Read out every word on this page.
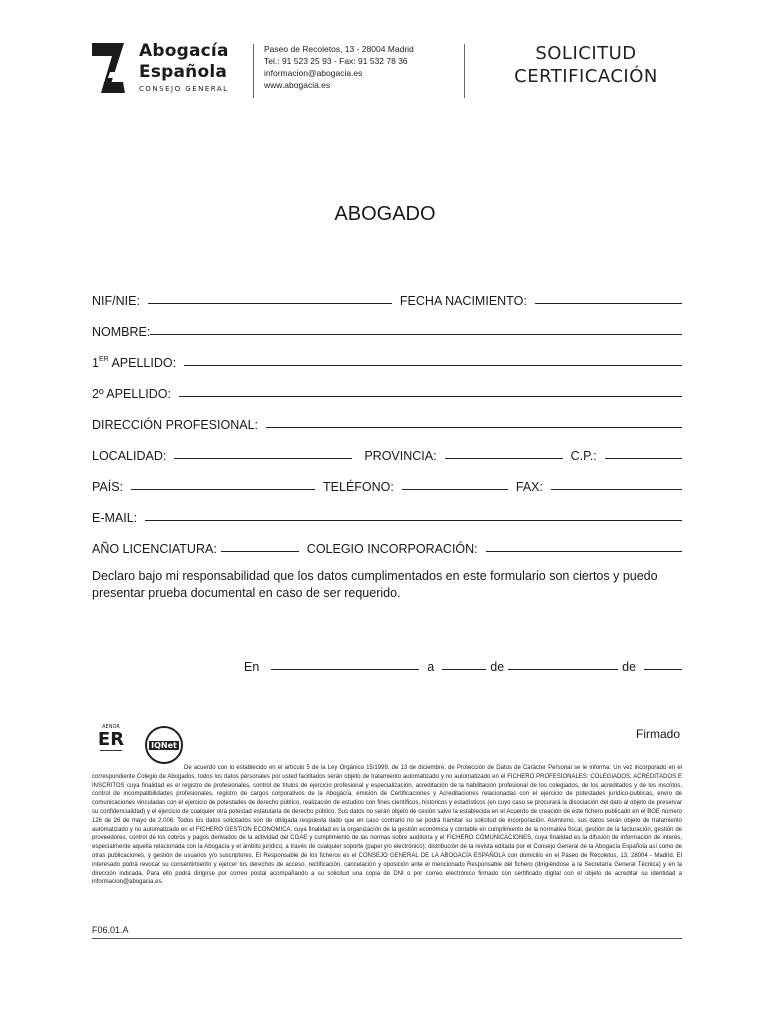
Abogacía
Española
CONSEJO GENERAL
Paseo de Recoletos, 13 - 28004 Madrid
Tel.: 91 523 25 93 - Fax: 91 532 78 36
informacion@abogacia.es
www.abogacia.es
SOLICITUD
CERTIFICACIÓN
ABOGADO
NIF/NIE:	FECHA NACIMIENTO:
NOMBRE:
1ER APELLIDO:
2º APELLIDO:
DIRECCIÓN PROFESIONAL:
LOCALIDAD:	PROVINCIA:	C.P.:
PAÍS:	TELÉFONO:	FAX:
E-MAIL:
AÑO LICENCIATURA:	COLEGIO INCORPORACIÓN:
Declaro bajo mi responsabilidad que los datos cumplimentados en este formulario son ciertos y puedo presentar prueba documental en caso de ser requerido.
En	a	de	de
Firmado
AENOR
ER	IQNet
De acuerdo con lo establecido en el artículo 5 de la Ley Orgánico 15/1999, de 13 de diciembre, de Protección de Datos de Carácter Personal se le informa: Un vez incorporado en el correspondiente Colegio de Abogados, todos los datos personales por usted facilitados serán objeto de tratamiento automatizado y no automatizado en el FICHERO PROFESIONALES: COLEGIADOS, ACREDITADOS E INSCRITOS cuya finalidad es el registro de profesionales, control de títulos de ejercicio profesional y especialización, acreditación de la habilitación profesional de los colegiados, de los acreditados y de los inscritos, control de incompatibilidades profesionales, registro de cargos corporativos de la Abogacía, emisión de Certificaciones y Acreditaciones relacionadas con el ejercicio de potestades jurídico-publicas, envío de comunicaciones vinculadas con el ejercicio de potestades de derecho público, realización de estudios con fines científicos, históricos y estadísticos (en cuyo caso se procurará la disociación del dato al objeto de preservar su confidencialidad) y el ejercicio de cualquier otra potestad estatutaria de derecho público. Sus datos no serán objeto de cesión salvo la establecida en el Acuerdo de creación de este fichero publicado en el BOE número 126 de 26 de mayo de 2.006. Todos los datos solicitados son de obligada respuesta dado que en caso contrario no se podrá tramitar su solicitud de incorporación. Asimismo, sus datos serán objeto de tratamiento automatizado y no automatizado en el FICHERO GESTION ECONOMICA, cuya finalidad es la organización de la gestión económica y contable en cumplimiento de la normativa fiscal, gestión de la facturación, gestión de proveedores, control de los cobros y pagos derivados de la actividad del CGAE y cumplimiento de las normas sobre auditoría y el FICHERO COMUNICACIONES, cuya finalidad es la difusión de información de interés, especialmente aquella relacionada con la Abogacía y el ámbito jurídico, a través de cualquier soporte (papel y/o electrónico); distribución de la revista editada por el Consejo General de la Abogacía Española así como de otras publicaciones, y gestión de usuarios y/o suscriptores. El Responsable de los ficheros es el CONSEJO GENERAL DE LA ABOGACÍA ESPAÑOLA con domicilio en el Paseo de Recoletos, 13, 28004 - Madrid. El interesado podrá revocar su consentimiento y ejercer los derechos de acceso, rectificación, cancelación y oposición ante el mencionado Responsable del fichero (dirigiéndose a la Secretaría General Técnica) y en la dirección indicada. Para ello podrá dirigirse por correo postal acompañando a su solicitud una copia de DNI o por correo electrónico firmado con certificado digital con el objeto de acreditar su identidad a informacion@abogacia.es.
F06.01.A
